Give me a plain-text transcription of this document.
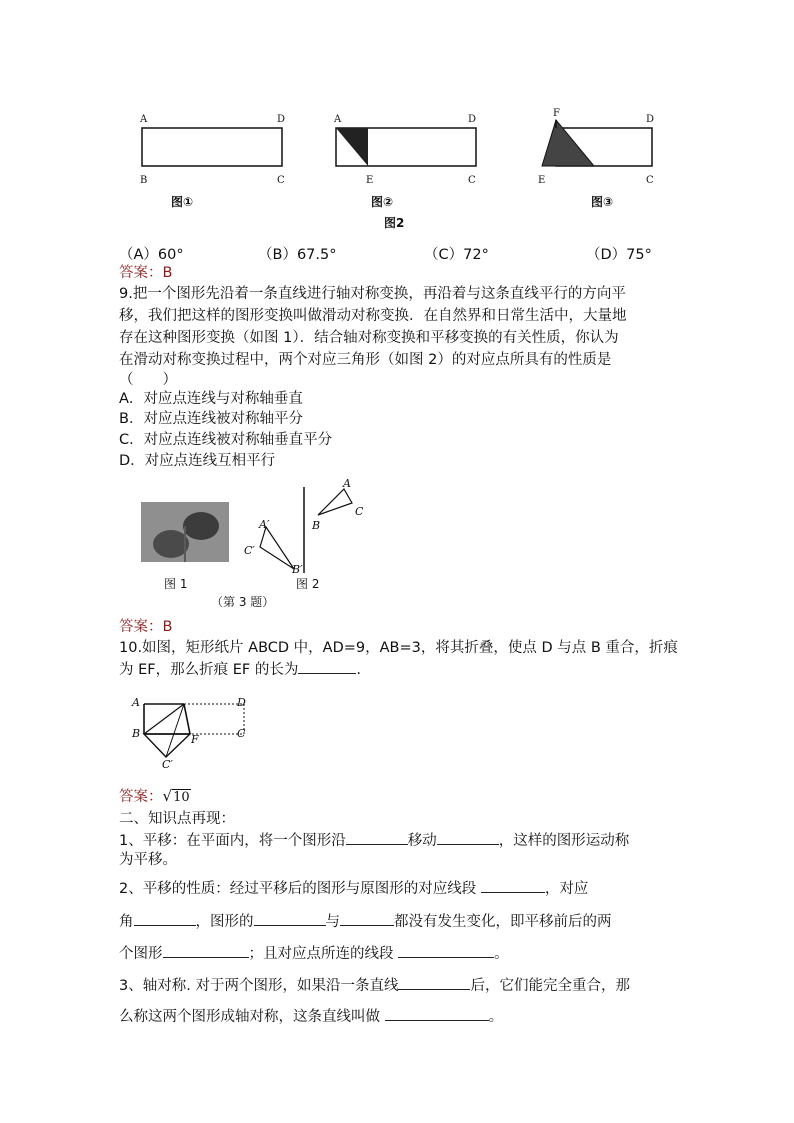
A	D
B	C
A	D
E	C
F
D
E	C
图①	图②	图③
图2
（A）60°	（B）67.5°	（C）72°	（D）75°
答案：B
9.把一个图形先沿着一条直线进行轴对称变换，再沿着与这条直线平行的方向平
移，我们把这样的图形变换叫做滑动对称变换．在自然界和日常生活中，大量地
存在这种图形变换（如图 1）．结合轴对称变换和平移变换的有关性质，你认为
在滑动对称变换过程中，两个对应三角形（如图 2）的对应点所具有的性质是
（　　）
A．对应点连线与对称轴垂直
B．对应点连线被对称轴平分
C．对应点连线被对称轴垂直平分
D．对应点连线互相平行
A
C
B
A′
C′
B′
图 1	图 2
（第 3 题）
答案：B
10.如图，矩形纸片 ABCD 中，AD=9，AB=3，将其折叠，使点 D 与点 B 重合，折痕
为 EF，那么折痕 EF 的长为	.
A	D
B	F	C
C′
答案：√10
二、知识点再现：
1、平移：在平面内，将一个图形沿	移动	，这样的图形运动称
为平移。
2、平移的性质：经过平移后的图形与原图形的对应线段	，对应
角	，图形的	与	都没有发生变化，即平移前后的两
个图形	；且对应点所连的线段	。
3、轴对称. 对于两个图形，如果沿一条直线	后，它们能完全重合，那
么称这两个图形成轴对称，这条直线叫做	。
